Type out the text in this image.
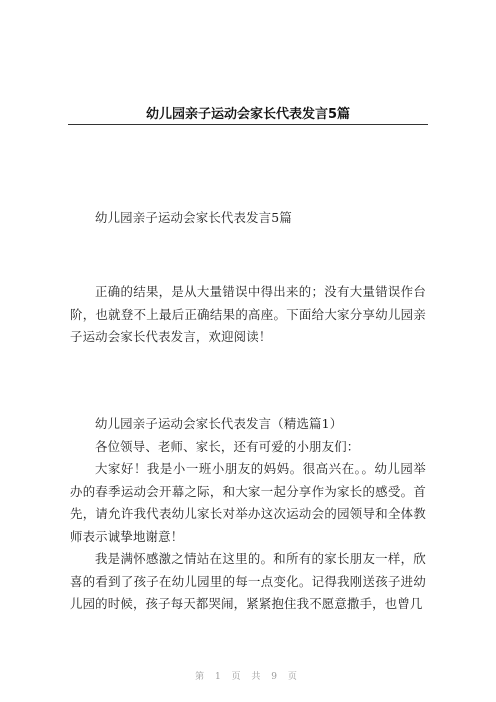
幼儿园亲子运动会家长代表发言5篇

幼儿园亲子运动会家长代表发言5篇

正确的结果，是从大量错误中得出来的；没有大量错误作台阶，也就登不上最后正确结果的高座。下面给大家分享幼儿园亲子运动会家长代表发言，欢迎阅读！

幼儿园亲子运动会家长代表发言（精选篇1）

各位领导、老师、家长，还有可爱的小朋友们：

大家好！我是小一班小朋友的妈妈。很高兴在。。幼儿园举办的春季运动会开幕之际，和大家一起分享作为家长的感受。首先，请允许我代表幼儿家长对举办这次运动会的园领导和全体教师表示诚挚地谢意！

我是满怀感激之情站在这里的。和所有的家长朋友一样，欣喜的看到了孩子在幼儿园里的每一点变化。记得我刚送孩子进幼儿园的时候，孩子每天都哭闹，紧紧抱住我不愿意撒手，也曾几

第 1 页 共 9 页
